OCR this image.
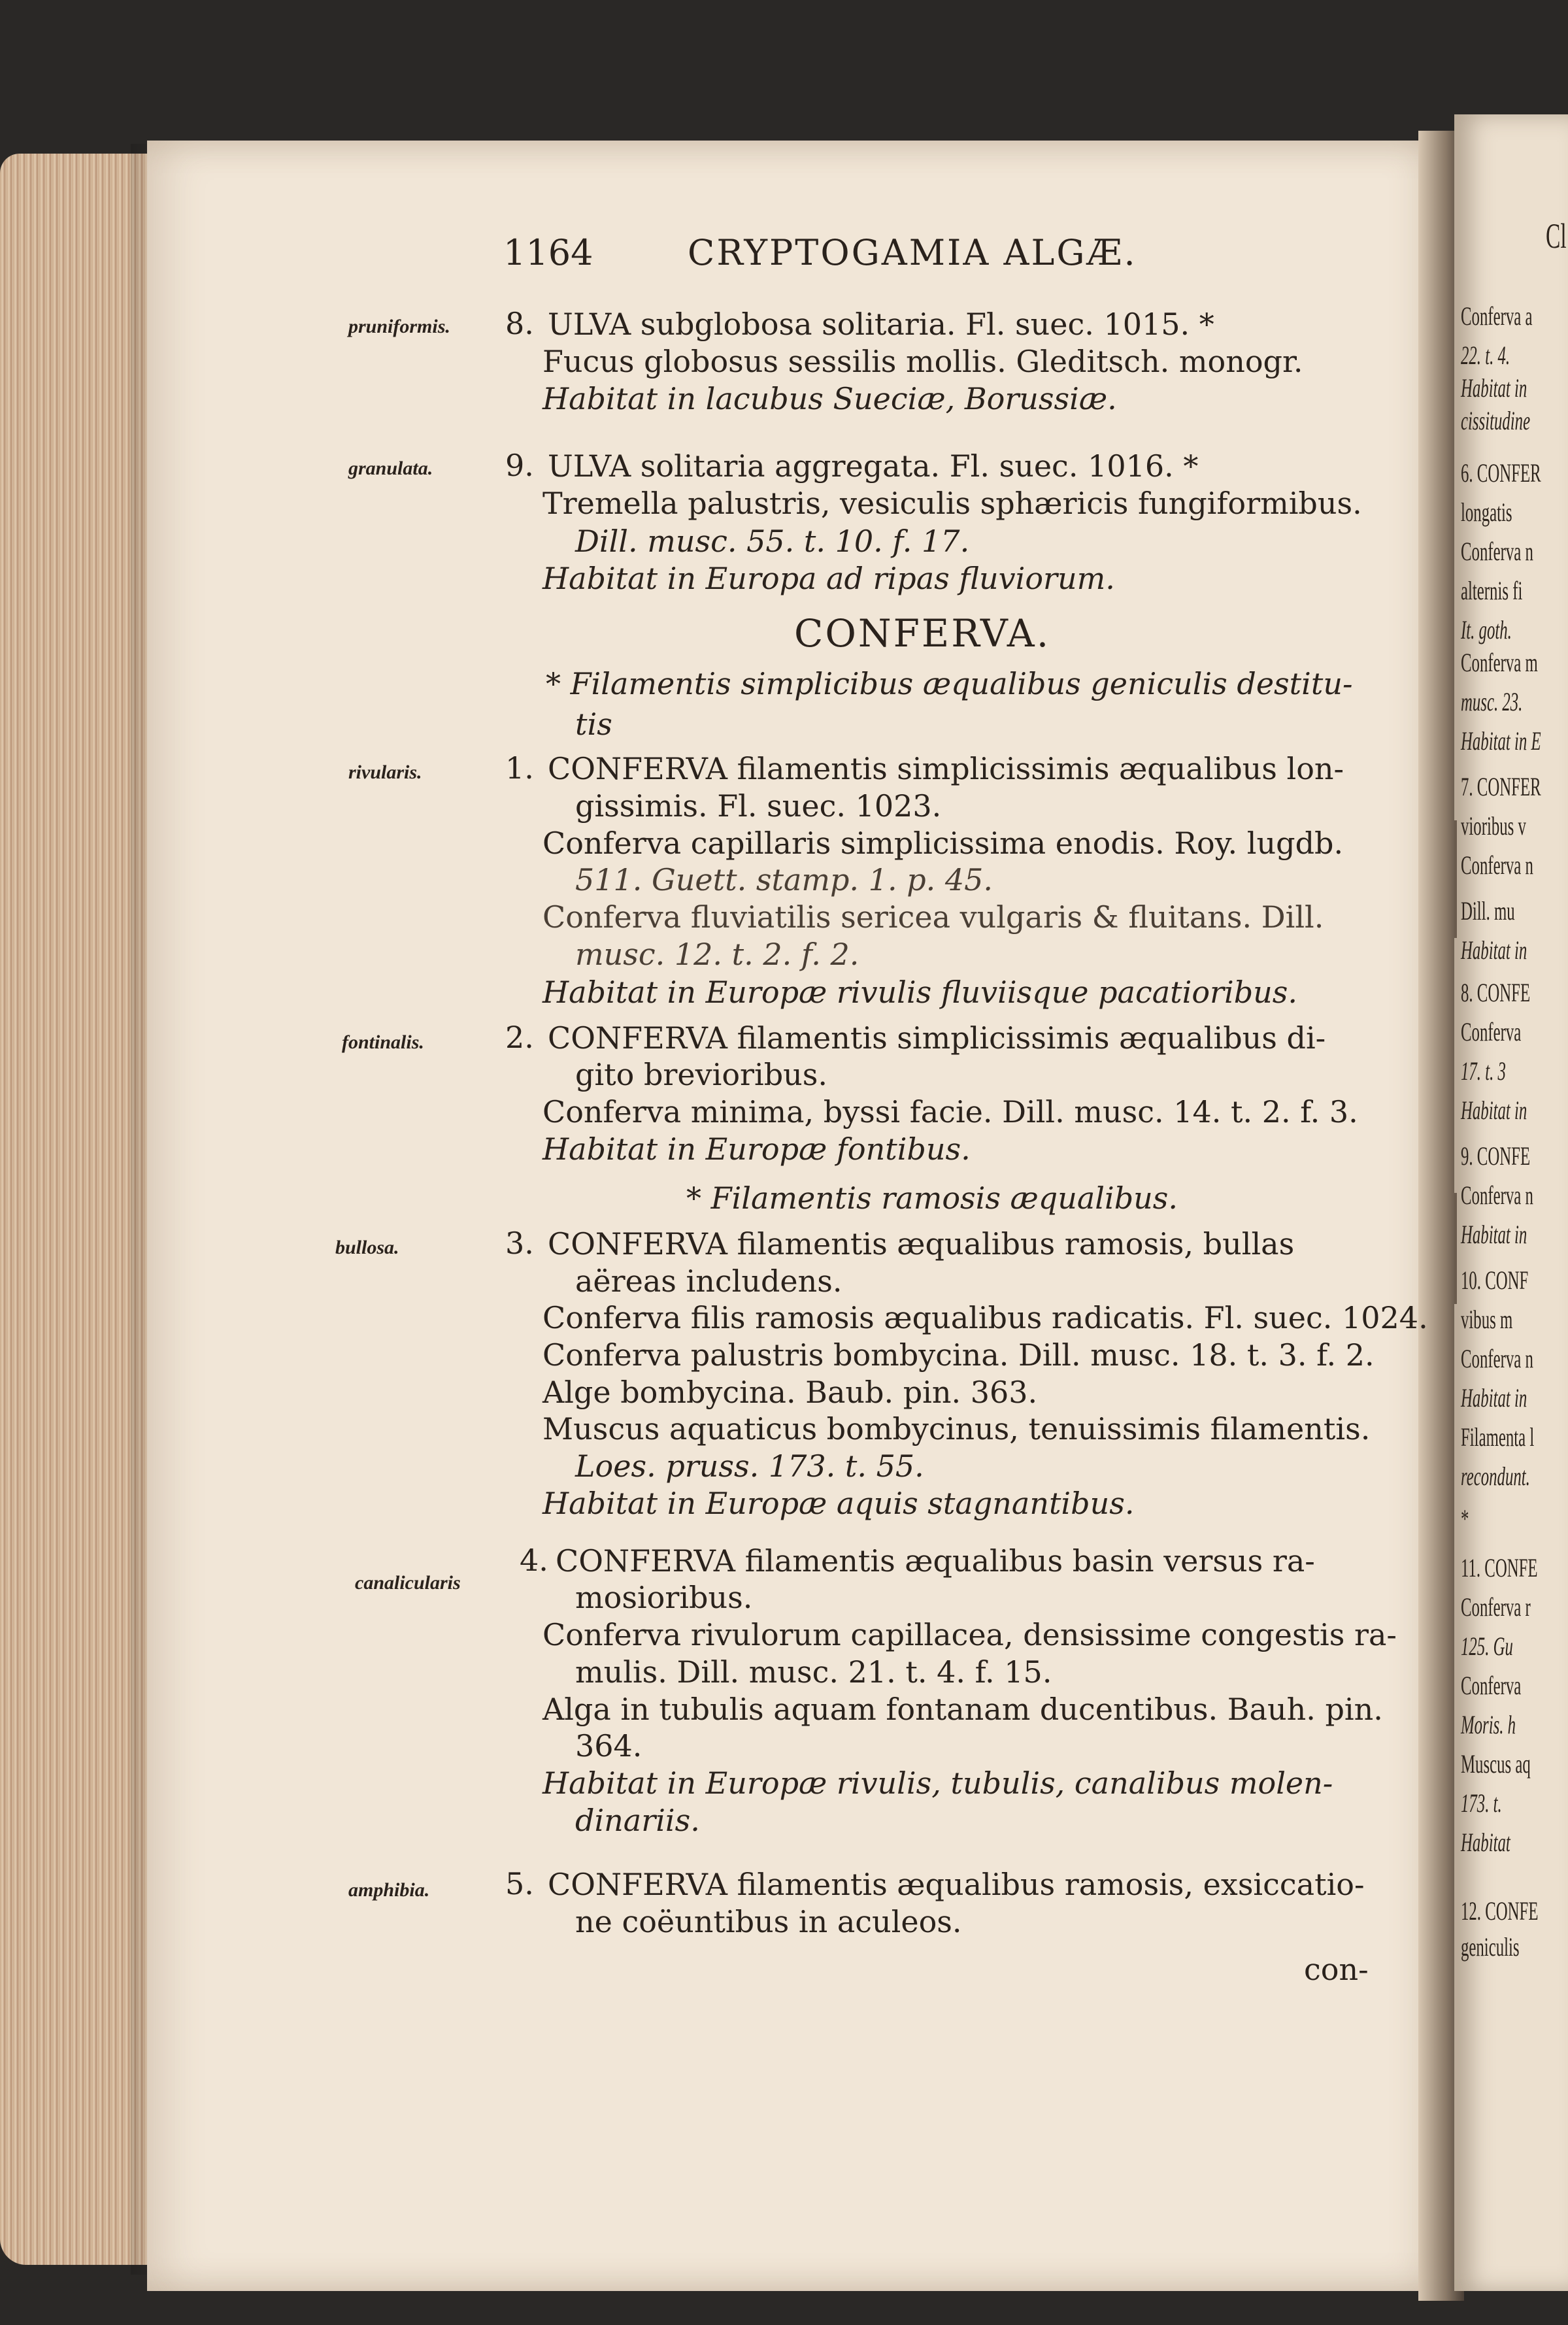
Cl
Conferva a
22. t. 4.
Habitat in
cissitudine
6. CONFER
longatis
Conferva n
alternis fi
It. goth.
Conferva m
musc. 23.
Habitat in E
7. CONFER
vioribus v
Conferva n
Dill. mu
Habitat in
8. CONFE
Conferva
17. t. 3
Habitat in
9. CONFE
Conferva n
Habitat in
10. CONF
vibus m
Conferva n
Habitat in
Filamenta l
recondunt.
*
11. CONFE
Conferva r
125. Gu
Conferva
Moris. h
Muscus aq
173. t.
Habitat
12. CONFE
geniculis
1164	CRYPTOGAMIA ALGÆ.
pruniformis. 8. ULVA subglobosa solitaria. Fl. suec. 1015. *
Fucus globosus sessilis mollis. Gleditsch. monogr.
Habitat in lacubus Sueciæ, Borussiæ.
granulata. 9. ULVA solitaria aggregata. Fl. suec. 1016. *
Tremella palustris, vesiculis sphæricis fungiformibus.
Dill. musc. 55. t. 10. f. 17.
Habitat in Europa ad ripas fluviorum.
CONFERVA.
* Filamentis simplicibus æqualibus geniculis destitu-
tis
rivularis.	1. CONFERVA filamentis simplicissimis æqualibus lon-
gissimis. Fl. suec. 1023.
Conferva capillaris simplicissima enodis. Roy. lugdb.
511. Guett. stamp. 1. p. 45.
Conferva fluviatilis sericea vulgaris & fluitans. Dill.
musc. 12. t. 2. f. 2.
Habitat in Europæ rivulis fluviisque pacatioribus.
fontinalis.	2. CONFERVA filamentis simplicissimis æqualibus di-
gito brevioribus.
Conferva minima, byssi facie. Dill. musc. 14. t. 2. f. 3.
Habitat in Europæ fontibus.
* Filamentis ramosis æqualibus.
bullosa.	3. CONFERVA filamentis æqualibus ramosis, bullas
aëreas includens.
Conferva filis ramosis æqualibus radicatis. Fl. suec. 1024.
Conferva palustris bombycina. Dill. musc. 18. t. 3. f. 2.
Alge bombycina. Baub. pin. 363.
Muscus aquaticus bombycinus, tenuissimis filamentis.
Loes. pruss. 173. t. 55.
Habitat in Europæ aquis stagnantibus.
canalicularis
4. CONFERVA filamentis æqualibus basin versus ra-
mosioribus.
Conferva rivulorum capillacea, densissime congestis ra-
mulis. Dill. musc. 21. t. 4. f. 15.
Alga in tubulis aquam fontanam ducentibus. Bauh. pin.
364.
Habitat in Europæ rivulis, tubulis, canalibus molen-
dinariis.
amphibia.	5. CONFERVA filamentis æqualibus ramosis, exsiccatio-
ne coëuntibus in aculeos.
con-
